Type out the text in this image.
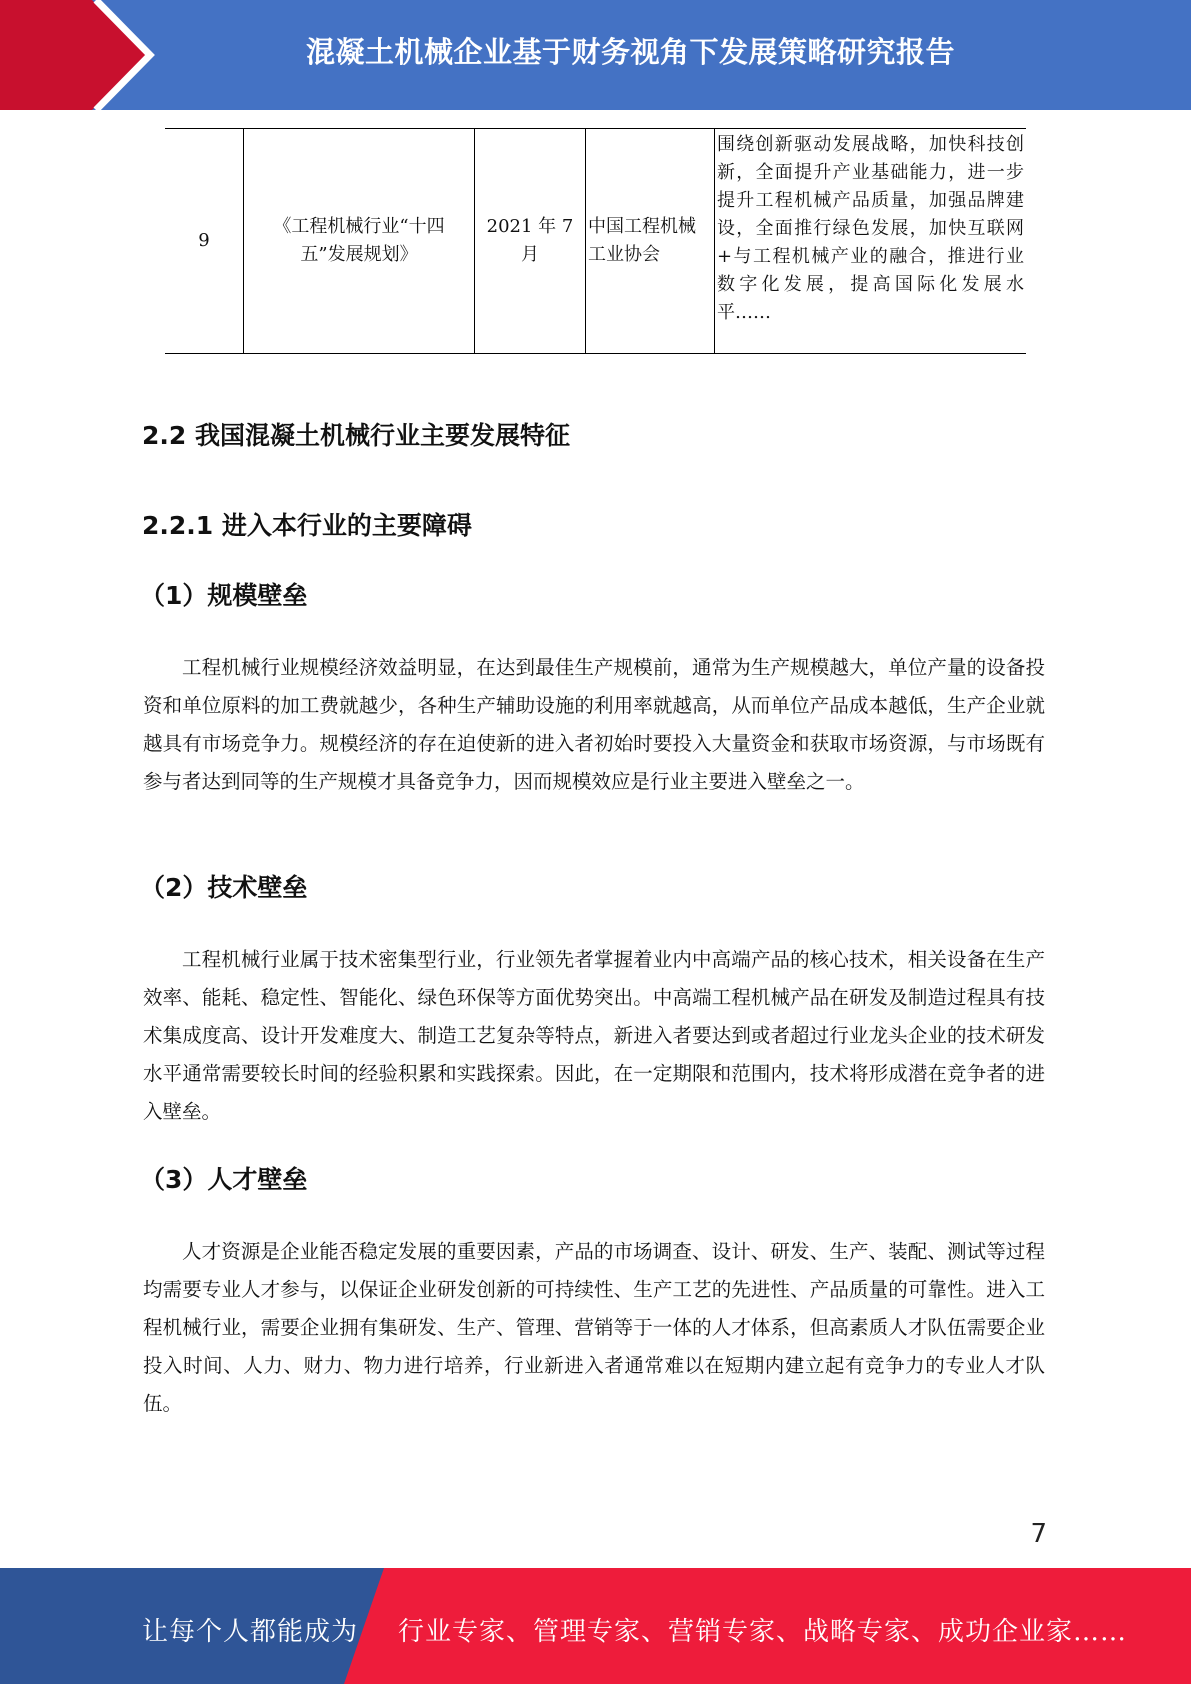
混凝土机械企业基于财务视角下发展策略研究报告
9	《工程机械行业“十四五”发展规划》	2021 年 7 月	中国工程机械工业协会	围绕创新驱动发展战略，加快科技创 新，全面提升产业基础能力，进一步 提升工程机械产品质量，加强品牌建 设，全面推行绿色发展，加快互联网 +与工程机械产业的融合，推进行业 数字化发展，提高国际化发展水 平……
2.2 我国混凝土机械行业主要发展特征
2.2.1 进入本行业的主要障碍
（1）规模壁垒

工程机械行业规模经济效益明显，在达到最佳生产规模前，通常为生产规模越大，单位产量的设备投资和单位原料的加工费就越少，各种生产辅助设施的利用率就越高，从而单位产品成本越低，生产企业就越具有市场竞争力。规模经济的存在迫使新的进入者初始时要投入大量资金和获取市场资源，与市场既有参与者达到同等的生产规模才具备竞争力，因而规模效应是行业主要进入壁垒之一。

（2）技术壁垒

工程机械行业属于技术密集型行业，行业领先者掌握着业内中高端产品的核心技术，相关设备在生产效率、能耗、稳定性、智能化、绿色环保等方面优势突出。中高端工程机械产品在研发及制造过程具有技术集成度高、设计开发难度大、制造工艺复杂等特点，新进入者要达到或者超过行业龙头企业的技术研发水平通常需要较长时间的经验积累和实践探索。因此，在一定期限和范围内，技术将形成潜在竞争者的进入壁垒。

（3）人才壁垒

人才资源是企业能否稳定发展的重要因素，产品的市场调查、设计、研发、生产、装配、测试等过程均需要专业人才参与，以保证企业研发创新的可持续性、生产工艺的先进性、产品质量的可靠性。进入工程机械行业，需要企业拥有集研发、生产、管理、营销等于一体的人才体系，但高素质人才队伍需要企业投入时间、人力、财力、物力进行培养，行业新进入者通常难以在短期内建立起有竞争力的专业人才队伍。

7
让每个人都能成为 行业专家、管理专家、营销专家、战略专家、成功企业家……
